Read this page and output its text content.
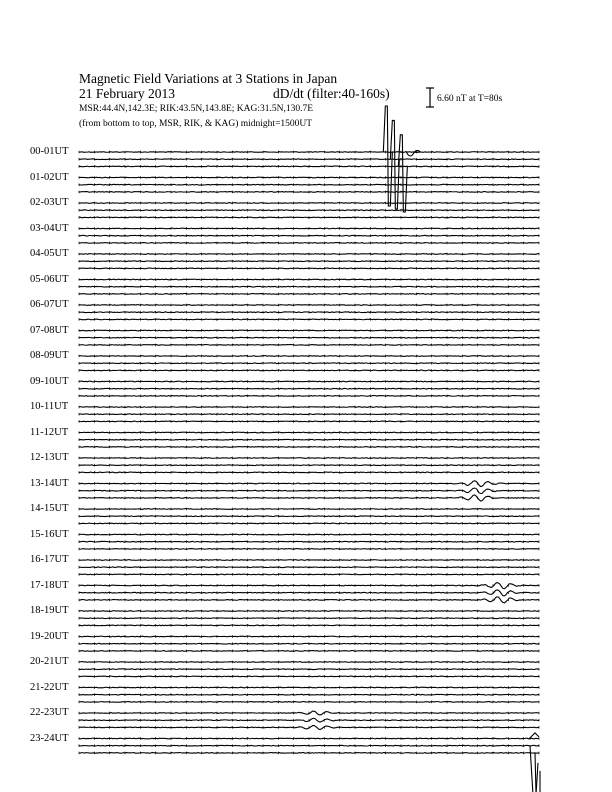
Magnetic Field Variations at 3 Stations in Japan
21 February 2013	dD/dt (filter:40-160s)
MSR:44.4N,142.3E; RIK:43.5N,143.8E; KAG:31.5N,130.7E
(from bottom to top, MSR, RIK, & KAG) midnight=1500UT
6.60 nT at T=80s
00-01UT
01-02UT
02-03UT
03-04UT
04-05UT
05-06UT
06-07UT
07-08UT
08-09UT
09-10UT
10-11UT
11-12UT
12-13UT
13-14UT
14-15UT
15-16UT
16-17UT
17-18UT
18-19UT
19-20UT
20-21UT
21-22UT
22-23UT
23-24UT
